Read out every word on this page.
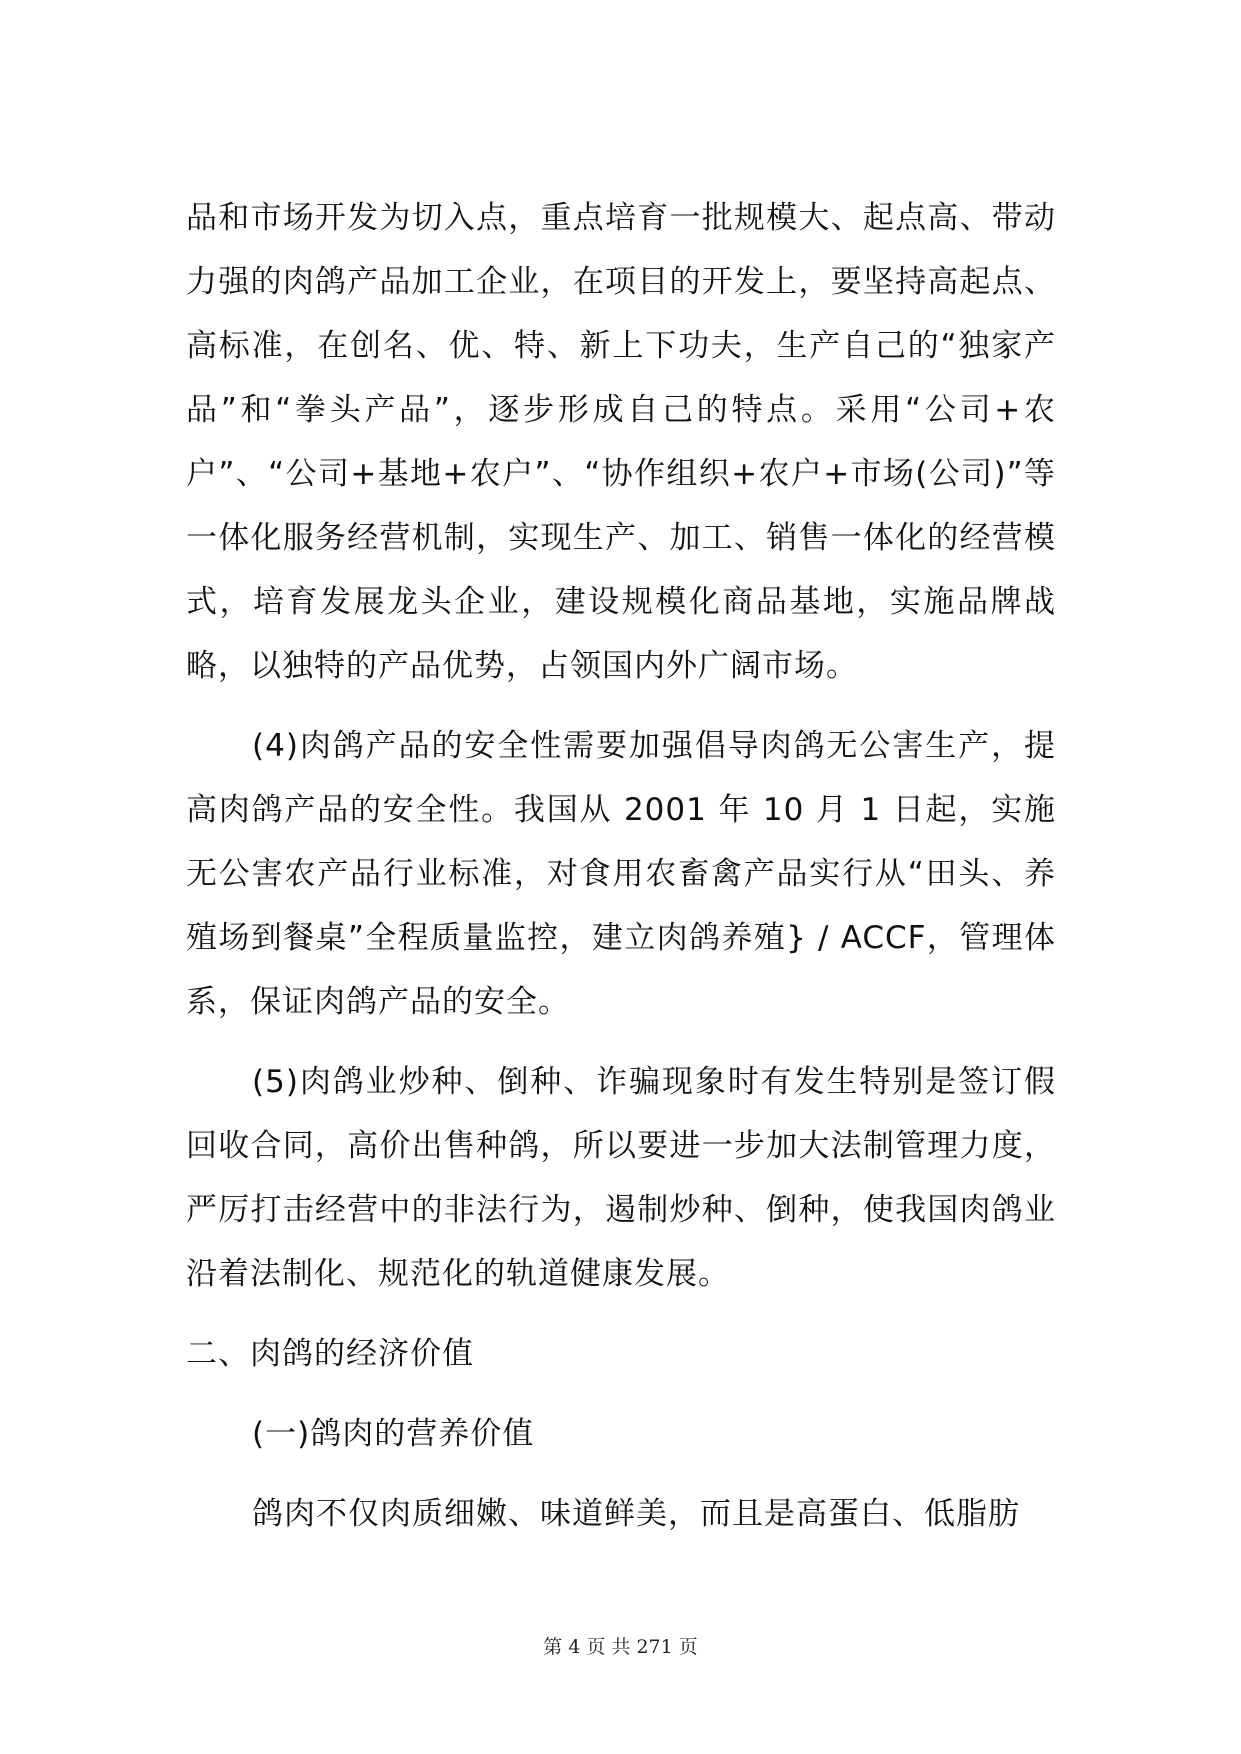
品和市场开发为切入点，重点培育一批规模大、起点高、带动力强的肉鸽产品加工企业，在项目的开发上，要坚持高起点、高标准，在创名、优、特、新上下功夫，生产自己的“独家产品”和“拳头产品”，逐步形成自己的特点。采用“公司+农户”、“公司+基地+农户”、“协作组织+农户+市场(公司)”等一体化服务经营机制，实现生产、加工、销售一体化的经营模式，培育发展龙头企业，建设规模化商品基地，实施品牌战略，以独特的产品优势，占领国内外广阔市场。

(4)肉鸽产品的安全性需要加强倡导肉鸽无公害生产，提高肉鸽产品的安全性。我国从 2001 年 10 月 1 日起，实施无公害农产品行业标准，对食用农畜禽产品实行从“田头、养殖场到餐桌”全程质量监控，建立肉鸽养殖} / ACCF，管理体系，保证肉鸽产品的安全。

(5)肉鸽业炒种、倒种、诈骗现象时有发生特别是签订假回收合同，高价出售种鸽，所以要进一步加大法制管理力度，严厉打击经营中的非法行为，遏制炒种、倒种，使我国肉鸽业沿着法制化、规范化的轨道健康发展。

二、肉鸽的经济价值

(一)鸽肉的营养价值

鸽肉不仅肉质细嫩、味道鲜美，而且是高蛋白、低脂肪

第 4 页 共 271 页
